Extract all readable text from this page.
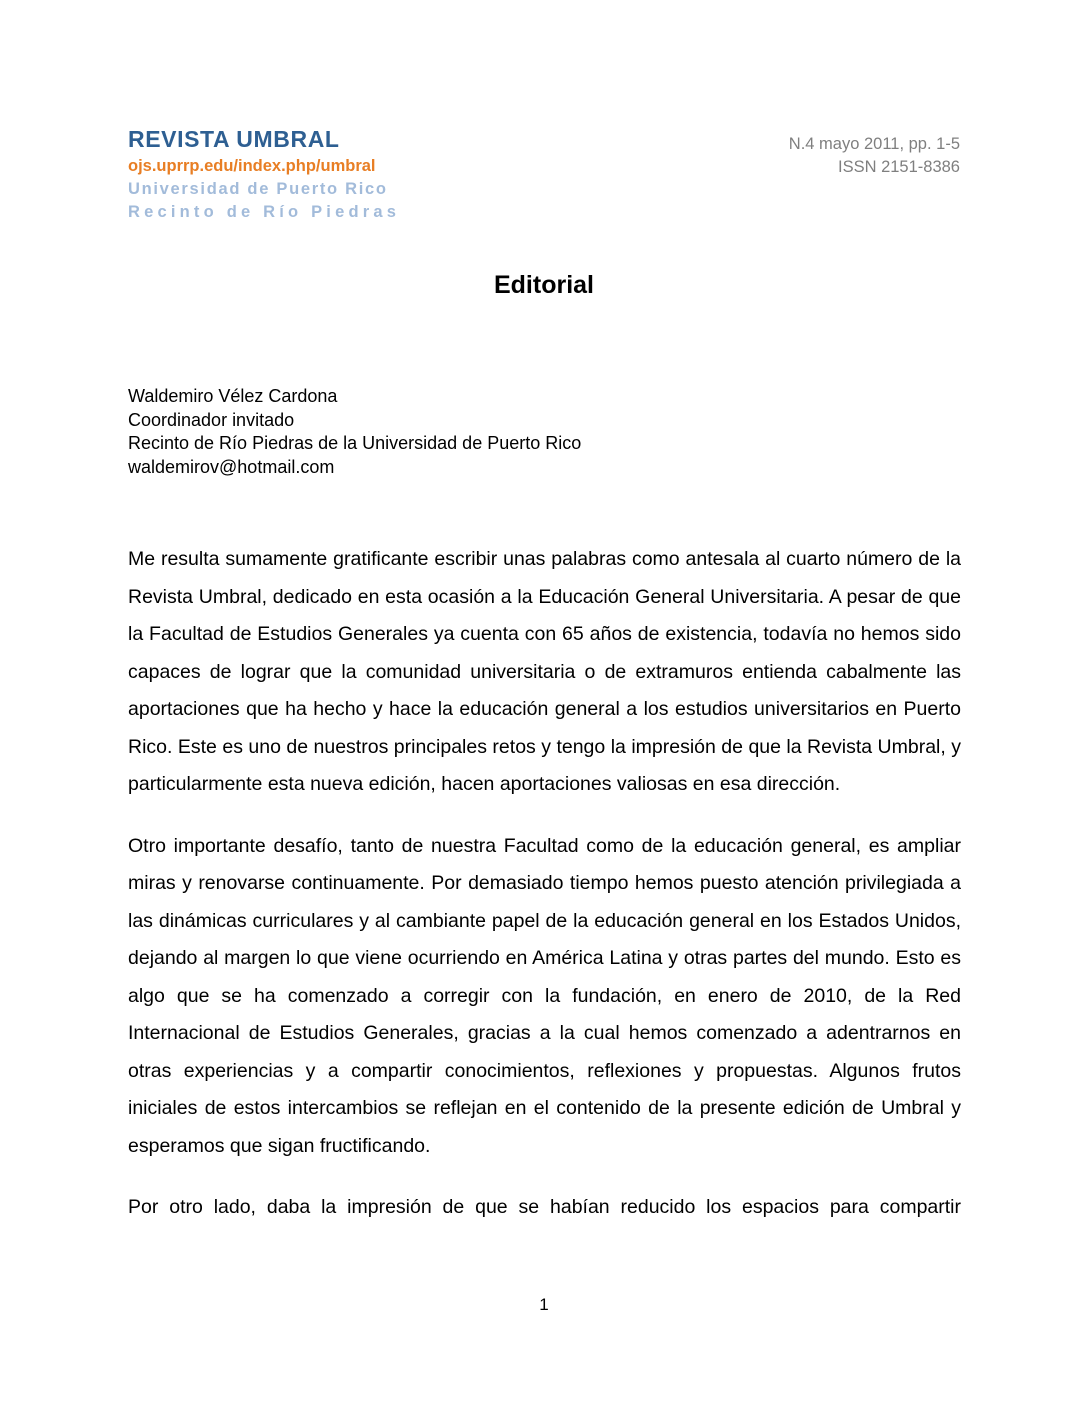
REVISTA UMBRAL
ojs.uprrp.edu/index.php/umbral
Universidad de Puerto Rico
Recinto de Río Piedras
N.4 mayo 2011, pp. 1-5
ISSN 2151-8386
Editorial
Waldemiro Vélez Cardona
Coordinador invitado
Recinto de Río Piedras de la Universidad de Puerto Rico
waldemirov@hotmail.com

Me resulta sumamente gratificante escribir unas palabras como antesala al cuarto número de la Revista Umbral, dedicado en esta ocasión a la Educación General Universitaria. A pesar de que la Facultad de Estudios Generales ya cuenta con 65 años de existencia, todavía no hemos sido capaces de lograr que la comunidad universitaria o de extramuros entienda cabalmente las aportaciones que ha hecho y hace la educación general a los estudios universitarios en Puerto Rico. Este es uno de nuestros principales retos y tengo la impresión de que la Revista Umbral, y particularmente esta nueva edición, hacen aportaciones valiosas en esa dirección.

Otro importante desafío, tanto de nuestra Facultad como de la educación general, es ampliar miras y renovarse continuamente. Por demasiado tiempo hemos puesto atención privilegiada a las dinámicas curriculares y al cambiante papel de la educación general en los Estados Unidos, dejando al margen lo que viene ocurriendo en América Latina y otras partes del mundo. Esto es algo que se ha comenzado a corregir con la fundación, en enero de 2010, de la Red Internacional de Estudios Generales, gracias a la cual hemos comenzado a adentrarnos en otras experiencias y a compartir conocimientos, reflexiones y propuestas. Algunos frutos iniciales de estos intercambios se reflejan en el contenido de la presente edición de Umbral y esperamos que sigan fructificando.

Por otro lado, daba la impresión de que se habían reducido los espacios para compartir

1
